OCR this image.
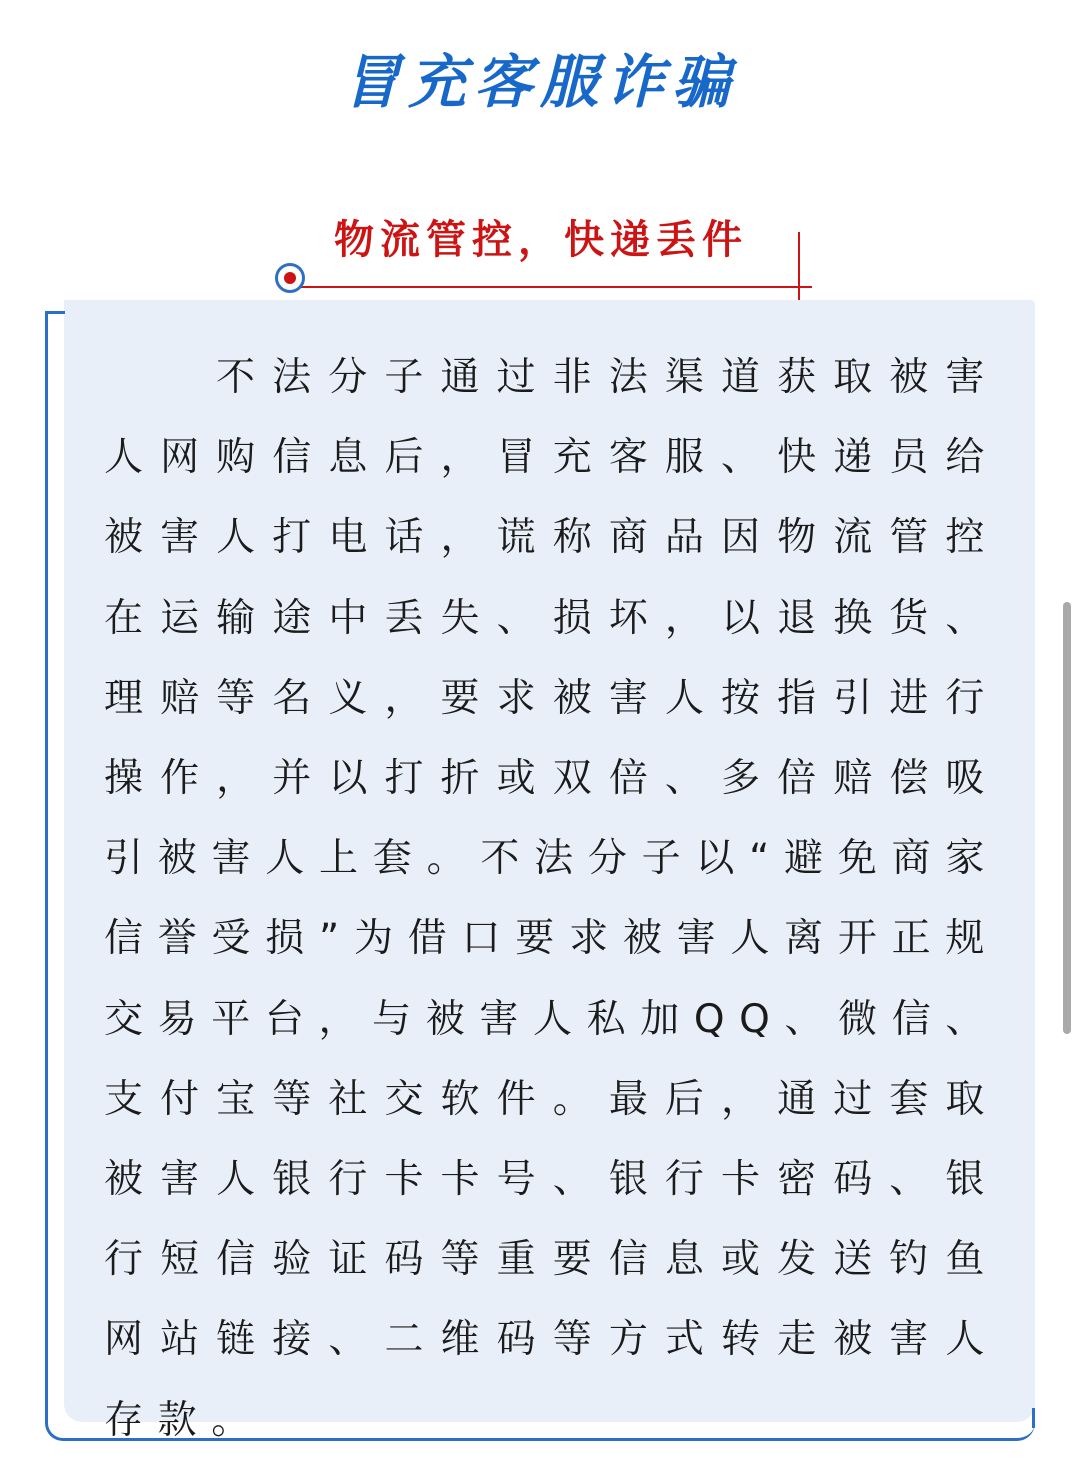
冒充客服诈骗
物流管控，快递丢件

不法分子通过非法渠道获取被害人网购信息后，冒充客服、快递员给被害人打电话，谎称商品因物流管控在运输途中丢失、损坏，以退换货、理赔等名义，要求被害人按指引进行操作，并以打折或双倍、多倍赔偿吸引被害人上套。不法分子以“避免商家信誉受损”为借口要求被害人离开正规交易平台，与被害人私加QQ、微信、支付宝等社交软件。最后，通过套取被害人银行卡卡号、银行卡密码、银行短信验证码等重要信息或发送钓鱼网站链接、二维码等方式转走被害人存款。
